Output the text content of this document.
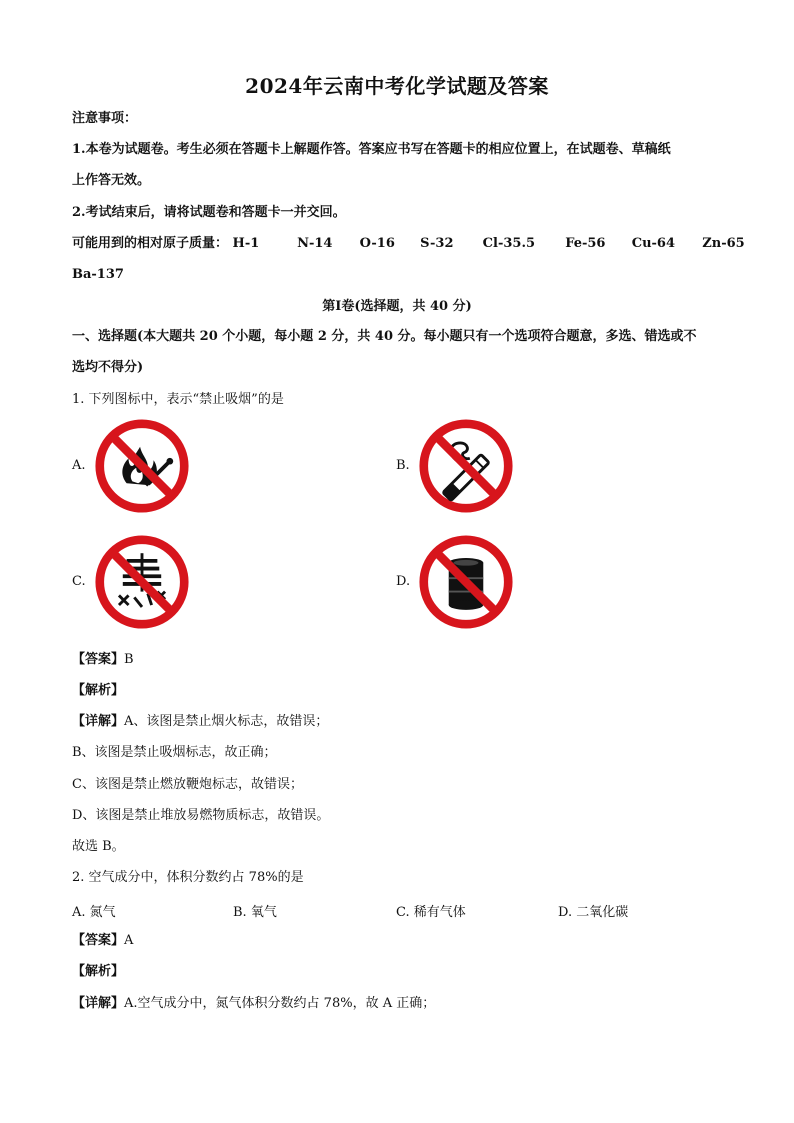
2024年云南中考化学试题及答案
注意事项：
1.本卷为试题卷。考生必须在答题卡上解题作答。答案应书写在答题卡的相应位置上，在试题卷、草稿纸
上作答无效。
2.考试结束后，请将试题卷和答题卡一并交回。
可能用到的相对原子质量： H-1	N-14 O-16 S-32 Cl-35.5 Fe-56 Cu-64 Zn-65
Ba-137
第Ⅰ卷(选择题，共 40 分)
一、选择题(本大题共 20 个小题，每小题 2 分，共 40 分。每小题只有一个选项符合题意，多选、错选或不
选均不得分)
1. 下列图标中，表示“禁止吸烟”的是
A.	B.
C.	D.
【答案】B
【解析】
【详解】A、该图是禁止烟火标志，故错误；
B、该图是禁止吸烟标志，故正确；
C、该图是禁止燃放鞭炮标志，故错误；
D、该图是禁止堆放易燃物质标志，故错误。
故选 B。
2. 空气成分中，体积分数约占 78%的是
A. 氮气	B. 氧气	C. 稀有气体	D. 二氧化碳
【答案】A
【解析】
【详解】A.空气成分中，氮气体积分数约占 78%，故 A 正确；
